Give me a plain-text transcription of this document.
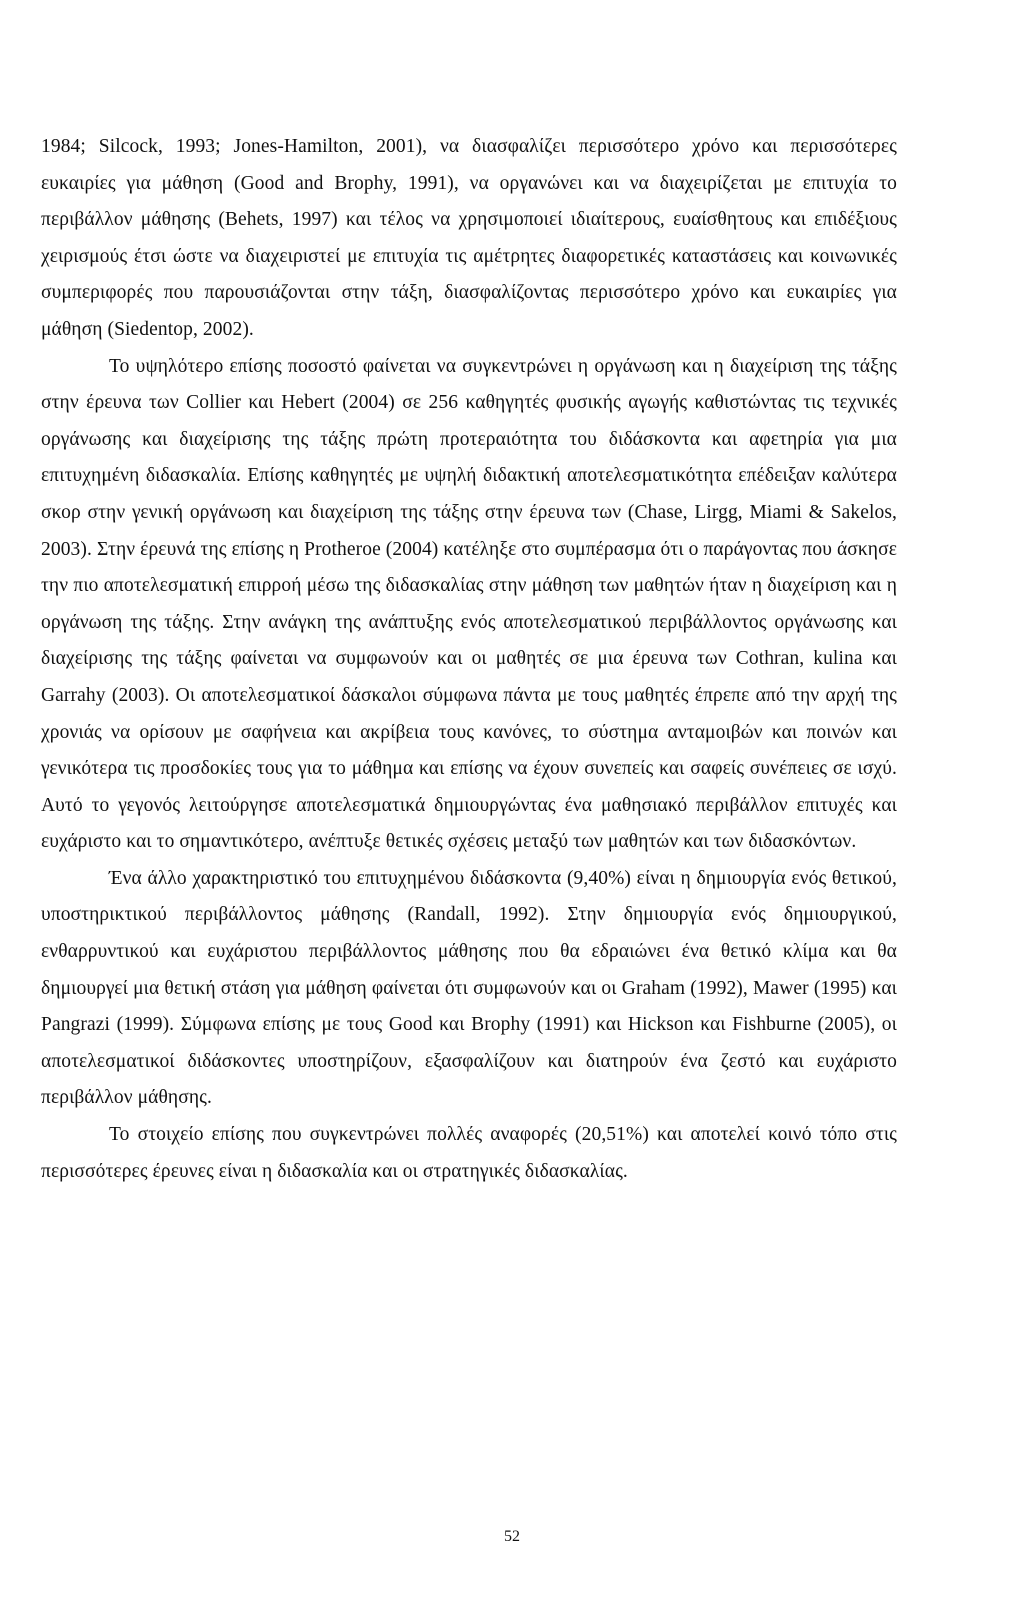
1984; Silcock, 1993; Jones-Hamilton, 2001), να διασφαλίζει περισσότερο χρόνο και περισσότερες ευκαιρίες για μάθηση (Good and Brophy, 1991), να οργανώνει και να διαχειρίζεται με επιτυχία το περιβάλλον μάθησης (Behets, 1997) και τέλος να χρησιμοποιεί ιδιαίτερους, ευαίσθητους και επιδέξιους χειρισμούς έτσι ώστε να διαχειριστεί με επιτυχία τις αμέτρητες διαφορετικές καταστάσεις και κοινωνικές συμπεριφορές που παρουσιάζονται στην τάξη, διασφαλίζοντας περισσότερο χρόνο και ευκαιρίες για μάθηση (Siedentop, 2002).

Το υψηλότερο επίσης ποσοστό φαίνεται να συγκεντρώνει η οργάνωση και η διαχείριση της τάξης στην έρευνα των Collier και Hebert (2004) σε 256 καθηγητές φυσικής αγωγής καθιστώντας τις τεχνικές οργάνωσης και διαχείρισης της τάξης πρώτη προτεραιότητα του διδάσκοντα και αφετηρία για μια επιτυχημένη διδασκαλία. Επίσης καθηγητές με υψηλή διδακτική αποτελεσματικότητα επέδειξαν καλύτερα σκορ στην γενική οργάνωση και διαχείριση της τάξης στην έρευνα των (Chase, Lirgg, Miami & Sakelos, 2003). Στην έρευνά της επίσης η Protheroe (2004) κατέληξε στο συμπέρασμα ότι ο παράγοντας που άσκησε την πιο αποτελεσματική επιρροή μέσω της διδασκαλίας στην μάθηση των μαθητών ήταν η διαχείριση και η οργάνωση της τάξης. Στην ανάγκη της ανάπτυξης ενός αποτελεσματικού περιβάλλοντος οργάνωσης και διαχείρισης της τάξης φαίνεται να συμφωνούν και οι μαθητές σε μια έρευνα των Cothran, kulina και Garrahy (2003). Οι αποτελεσματικοί δάσκαλοι σύμφωνα πάντα με τους μαθητές έπρεπε από την αρχή της χρονιάς να ορίσουν με σαφήνεια και ακρίβεια τους κανόνες, το σύστημα ανταμοιβών και ποινών και γενικότερα τις προσδοκίες τους για το μάθημα και επίσης να έχουν συνεπείς και σαφείς συνέπειες σε ισχύ. Αυτό το γεγονός λειτούργησε αποτελεσματικά δημιουργώντας ένα μαθησιακό περιβάλλον επιτυχές και ευχάριστο και το σημαντικότερο, ανέπτυξε θετικές σχέσεις μεταξύ των μαθητών και των διδασκόντων.

Ένα άλλο χαρακτηριστικό του επιτυχημένου διδάσκοντα (9,40%) είναι η δημιουργία ενός θετικού, υποστηρικτικού περιβάλλοντος μάθησης (Randall, 1992). Στην δημιουργία ενός δημιουργικού, ενθαρρυντικού και ευχάριστου περιβάλλοντος μάθησης που θα εδραιώνει ένα θετικό κλίμα και θα δημιουργεί μια θετική στάση για μάθηση φαίνεται ότι συμφωνούν και οι Graham (1992), Mawer (1995) και Pangrazi (1999). Σύμφωνα επίσης με τους Good και Brophy (1991) και Hickson και Fishburne (2005), οι αποτελεσματικοί διδάσκοντες υποστηρίζουν, εξασφαλίζουν και διατηρούν ένα ζεστό και ευχάριστο περιβάλλον μάθησης.

Το στοιχείο επίσης που συγκεντρώνει πολλές αναφορές (20,51%) και αποτελεί κοινό τόπο στις περισσότερες έρευνες είναι η διδασκαλία και οι στρατηγικές διδασκαλίας.

52
